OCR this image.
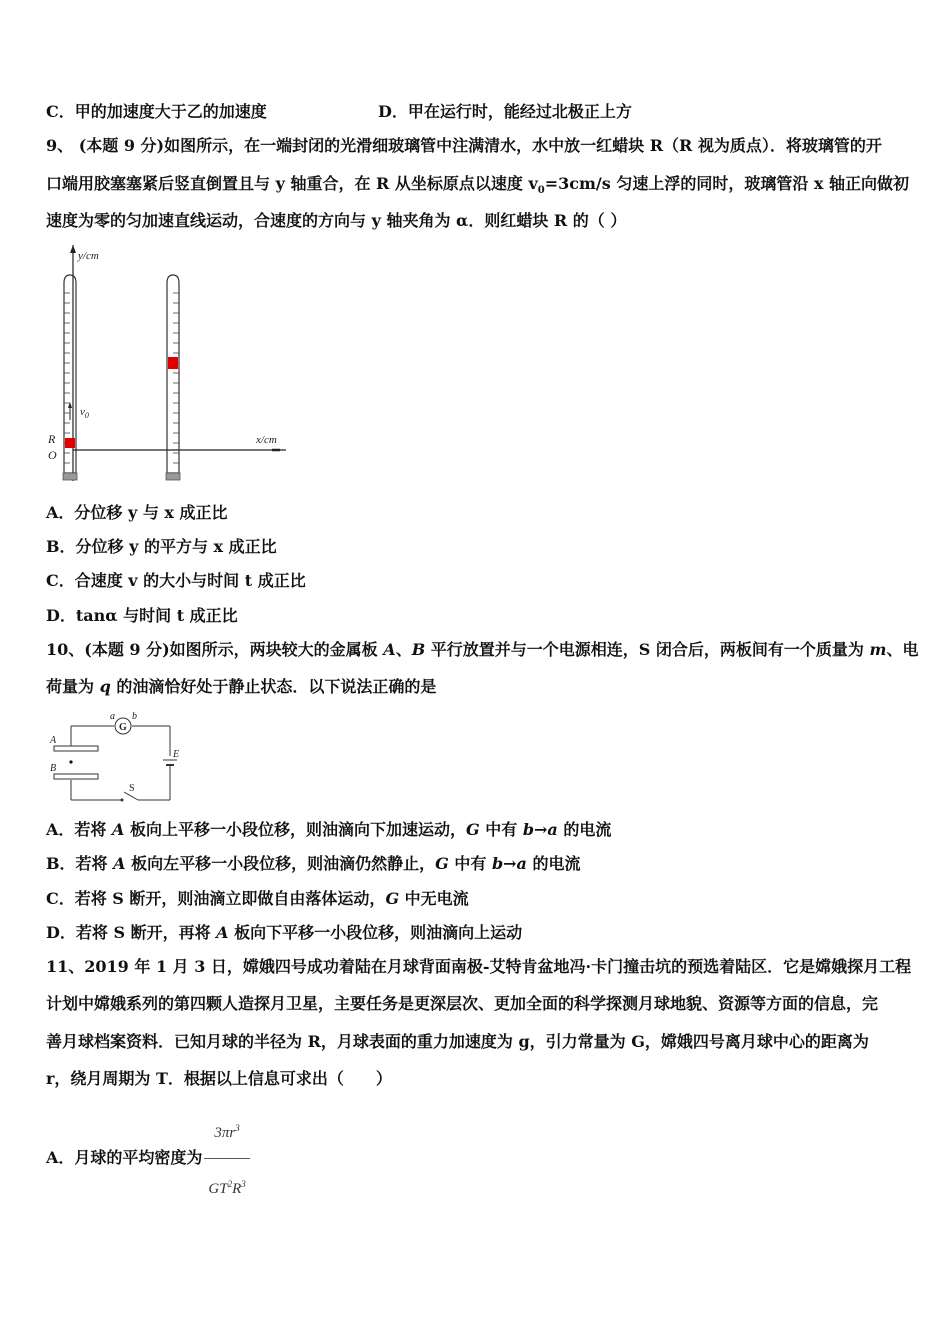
C．甲的加速度大于乙的加速度	D．甲在运行时，能经过北极正上方
9、 (本题 9 分)如图所示，在一端封闭的光滑细玻璃管中注满清水，水中放一红蜡块 R（R 视为质点）．将玻璃管的开
口端用胶塞塞紧后竖直倒置且与 y 轴重合，在 R 从坐标原点以速度 $v_0=3cm/s$ 匀速上浮的同时，玻璃管沿 x 轴正向做初
速度为零的匀加速直线运动，合速度的方向与 y 轴夹角为 α．则红蜡块 R 的（ ）
y/cm
$v_0$
R
O
x/cm
A．分位移 y 与 x 成正比
B．分位移 y 的平方与 x 成正比
C．合速度 v 的大小与时间 t 成正比
D．tanα 与时间 t 成正比
10、(本题 9 分)如图所示，两块较大的金属板 A、B 平行放置并与一个电源相连，S 闭合后，两板间有一个质量为 m、电
荷量为 q 的油滴恰好处于静止状态．以下说法正确的是
G
a b
A
B
E
S
A．若将 A 板向上平移一小段位移，则油滴向下加速运动，G 中有 b→a 的电流
B．若将 A 板向左平移一小段位移，则油滴仍然静止，G 中有 b→a 的电流
C．若将 S 断开，则油滴立即做自由落体运动，G 中无电流
D．若将 S 断开，再将 A 板向下平移一小段位移，则油滴向上运动
11、2019 年 1 月 3 日，嫦娥四号成功着陆在月球背面南极-艾特肯盆地冯·卡门撞击坑的预选着陆区．它是嫦娥探月工程
计划中嫦娥系列的第四颗人造探月卫星，主要任务是更深层次、更加全面的科学探测月球地貌、资源等方面的信息，完
善月球档案资料．已知月球的半径为 R，月球表面的重力加速度为 g，引力常量为 G，嫦娥四号离月球中心的距离为
r，绕月周期为 T．根据以上信息可求出（　　）
A．月球的平均密度为 $\frac{3\pi r^3}{GT^2R^3}$
